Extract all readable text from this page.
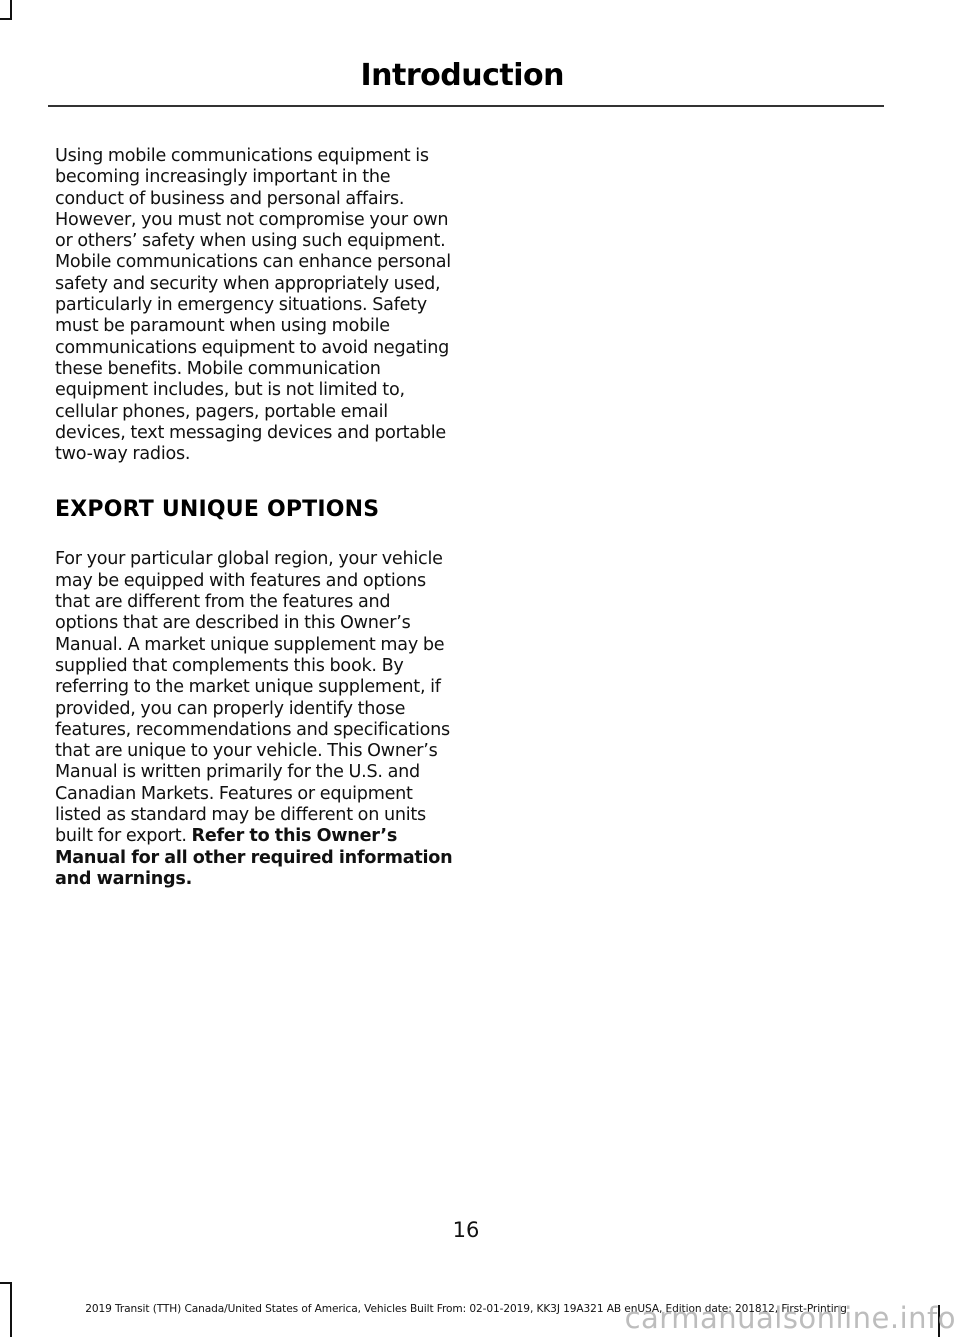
Introduction

Using mobile communications equipment is becoming increasingly important in the conduct of business and personal affairs. However, you must not compromise your own or others’ safety when using such equipment. Mobile communications can enhance personal safety and security when appropriately used, particularly in emergency situations. Safety must be paramount when using mobile communications equipment to avoid negating these benefits. Mobile communication equipment includes, but is not limited to, cellular phones, pagers, portable email devices, text messaging devices and portable two-way radios.

EXPORT UNIQUE OPTIONS

For your particular global region, your vehicle may be equipped with features and options that are different from the features and options that are described in this Owner’s Manual. A market unique supplement may be supplied that complements this book. By referring to the market unique supplement, if provided, you can properly identify those features, recommendations and specifications that are unique to your vehicle. This Owner’s Manual is written primarily for the U.S. and Canadian Markets. Features or equipment listed as standard may be different on units built for export. Refer to this Owner’s Manual for all other required information and warnings.

16
2019 Transit (TTH) Canada/United States of America, Vehicles Built From: 02-01-2019, KK3J 19A321 AB enUSA, Edition date: 201812, First-Printing
carmanualsonline.info
